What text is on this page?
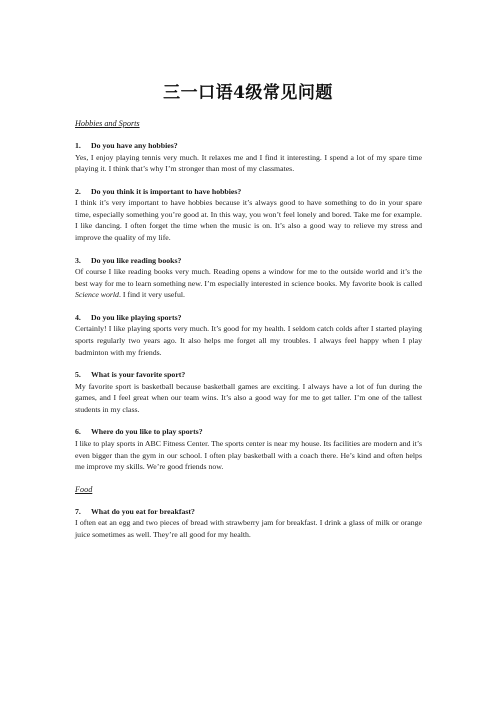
三一口语4级常见问题
Hobbies and Sports
1.	Do you have any hobbies?
Yes, I enjoy playing tennis very much. It relaxes me and I find it interesting. I spend a lot of my spare time playing it. I think that’s why I’m stronger than most of my classmates.
2.	Do you think it is important to have hobbies?
I think it’s very important to have hobbies because it’s always good to have something to do in your spare time, especially something you’re good at. In this way, you won’t feel lonely and bored. Take me for example. I like dancing. I often forget the time when the music is on. It’s also a good way to relieve my stress and improve the quality of my life.
3.	Do you like reading books?
Of course I like reading books very much. Reading opens a window for me to the outside world and it’s the best way for me to learn something new. I’m especially interested in science books. My favorite book is called Science world. I find it very useful.
4.	Do you like playing sports?
Certainly! I like playing sports very much. It’s good for my health. I seldom catch colds after I started playing sports regularly two years ago. It also helps me forget all my troubles. I always feel happy when I play badminton with my friends.
5.	What is your favorite sport?
My favorite sport is basketball because basketball games are exciting. I always have a lot of fun during the games, and I feel great when our team wins. It’s also a good way for me to get taller. I’m one of the tallest students in my class.
6.	Where do you like to play sports?
I like to play sports in ABC Fitness Center. The sports center is near my house. Its facilities are modern and it’s even bigger than the gym in our school. I often play basketball with a coach there. He’s kind and often helps me improve my skills. We’re good friends now.
Food
7.	What do you eat for breakfast?
I often eat an egg and two pieces of bread with strawberry jam for breakfast. I drink a glass of milk or orange juice sometimes as well. They’re all good for my health.
